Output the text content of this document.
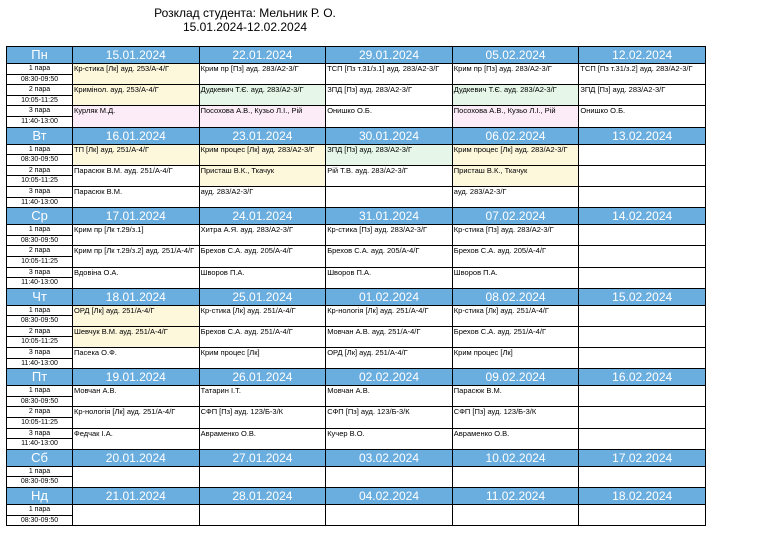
Розклад студента: Мельник Р. О.
15.01.2024-12.02.2024
Пн	15.01.2024	22.01.2024	29.01.2024	05.02.2024	12.02.2024
1 пара	Кр-стика [Лк] ауд. 253/А-4/Г	Крим пр [Пз] ауд. 283/А2-3/Г	ТСП [Пз т.31/з.1] ауд. 283/А2-3/Г	Крим пр [Пз] ауд. 283/А2-3/Г	ТСП [Пз т.31/з.2] ауд. 283/А2-3/Г
08:30-09:50					
2 пара	Кримінол. ауд. 253/А-4/Г	Дудкевич Т.Є. ауд. 283/А2-3/Г	ЗПД [Пз] ауд. 283/А2-3/Г	Дудкевич Т.Є. ауд. 283/А2-3/Г	ЗПД [Пз] ауд. 283/А2-3/Г
10:05-11:25					
3 пара	Курляк М.Д.	Посохова А.В., Кузьо Л.І., Рій	Онишко О.Б.	Посохова А.В., Кузьо Л.І., Рій	Онишко О.Б.
11:40-13:00					
Вт	16.01.2024	23.01.2024	30.01.2024	06.02.2024	13.02.2024
1 пара	ТП [Лк] ауд. 251/А-4/Г	Крим процес [Лк] ауд. 283/А2-3/Г	ЗПД [Пз] ауд. 283/А2-3/Г	Крим процес [Лк] ауд. 283/А2-3/Г	
08:30-09:50					
2 пара	Парасюк В.М. ауд. 251/А-4/Г	Присташ В.К., Ткачук	Рій Т.В. ауд. 283/А2-3/Г	Присташ В.К., Ткачук	
10:05-11:25					
3 пара	Парасюк В.М.	ауд. 283/А2-3/Г		ауд. 283/А2-3/Г	
11:40-13:00					
Ср	17.01.2024	24.01.2024	31.01.2024	07.02.2024	14.02.2024
1 пара	Крим пр [Лк т.29/з.1]	Хитра А.Я. ауд. 283/А2-3/Г	Кр-стика [Пз] ауд. 283/А2-3/Г	Кр-стика [Пз] ауд. 283/А2-3/Г	
08:30-09:50					
2 пара	Крим пр [Лк т.29/з.2] ауд. 251/А-4/Г	Брехов С.А. ауд. 205/А-4/Г	Брехов С.А. ауд. 205/А-4/Г	Брехов С.А. ауд. 205/А-4/Г	
10:05-11:25					
3 пара	Вдовіна О.А.	Шворов П.А.	Шворов П.А.	Шворов П.А.	
11:40-13:00					
Чт	18.01.2024	25.01.2024	01.02.2024	08.02.2024	15.02.2024
1 пара	ОРД [Лк] ауд. 251/А-4/Г	Кр-стика [Лк] ауд. 251/А-4/Г	Кр-нологія [Лк] ауд. 251/А-4/Г	Кр-стика [Лк] ауд. 251/А-4/Г	
08:30-09:50					
2 пара	Шевчук В.М. ауд. 251/А-4/Г	Брехов С.А. ауд. 251/А-4/Г	Мовчан А.В. ауд. 251/А-4/Г	Брехов С.А. ауд. 251/А-4/Г	
10:05-11:25					
3 пара	Пасека О.Ф.	Крим процес [Лк]	ОРД [Лк] ауд. 251/А-4/Г	Крим процес [Лк]	
11:40-13:00					
Пт	19.01.2024	26.01.2024	02.02.2024	09.02.2024	16.02.2024
1 пара	Мовчан А.В.	Татарин І.Т.	Мовчан А.В.	Парасюк В.М.	
08:30-09:50					
2 пара	Кр-нологія [Лк] ауд. 251/А-4/Г	СФП [Пз] ауд. 123/Б-3/К	СФП [Пз] ауд. 123/Б-3/К	СФП [Пз] ауд. 123/Б-3/К	
10:05-11:25					
3 пара	Федчак І.А.	Авраменко О.В.	Кучер В.О.	Авраменко О.В.	
11:40-13:00					
Сб	20.01.2024	27.01.2024	03.02.2024	10.02.2024	17.02.2024
1 пара					
08:30-09:50					
Нд	21.01.2024	28.01.2024	04.02.2024	11.02.2024	18.02.2024
1 пара					
08:30-09:50					
